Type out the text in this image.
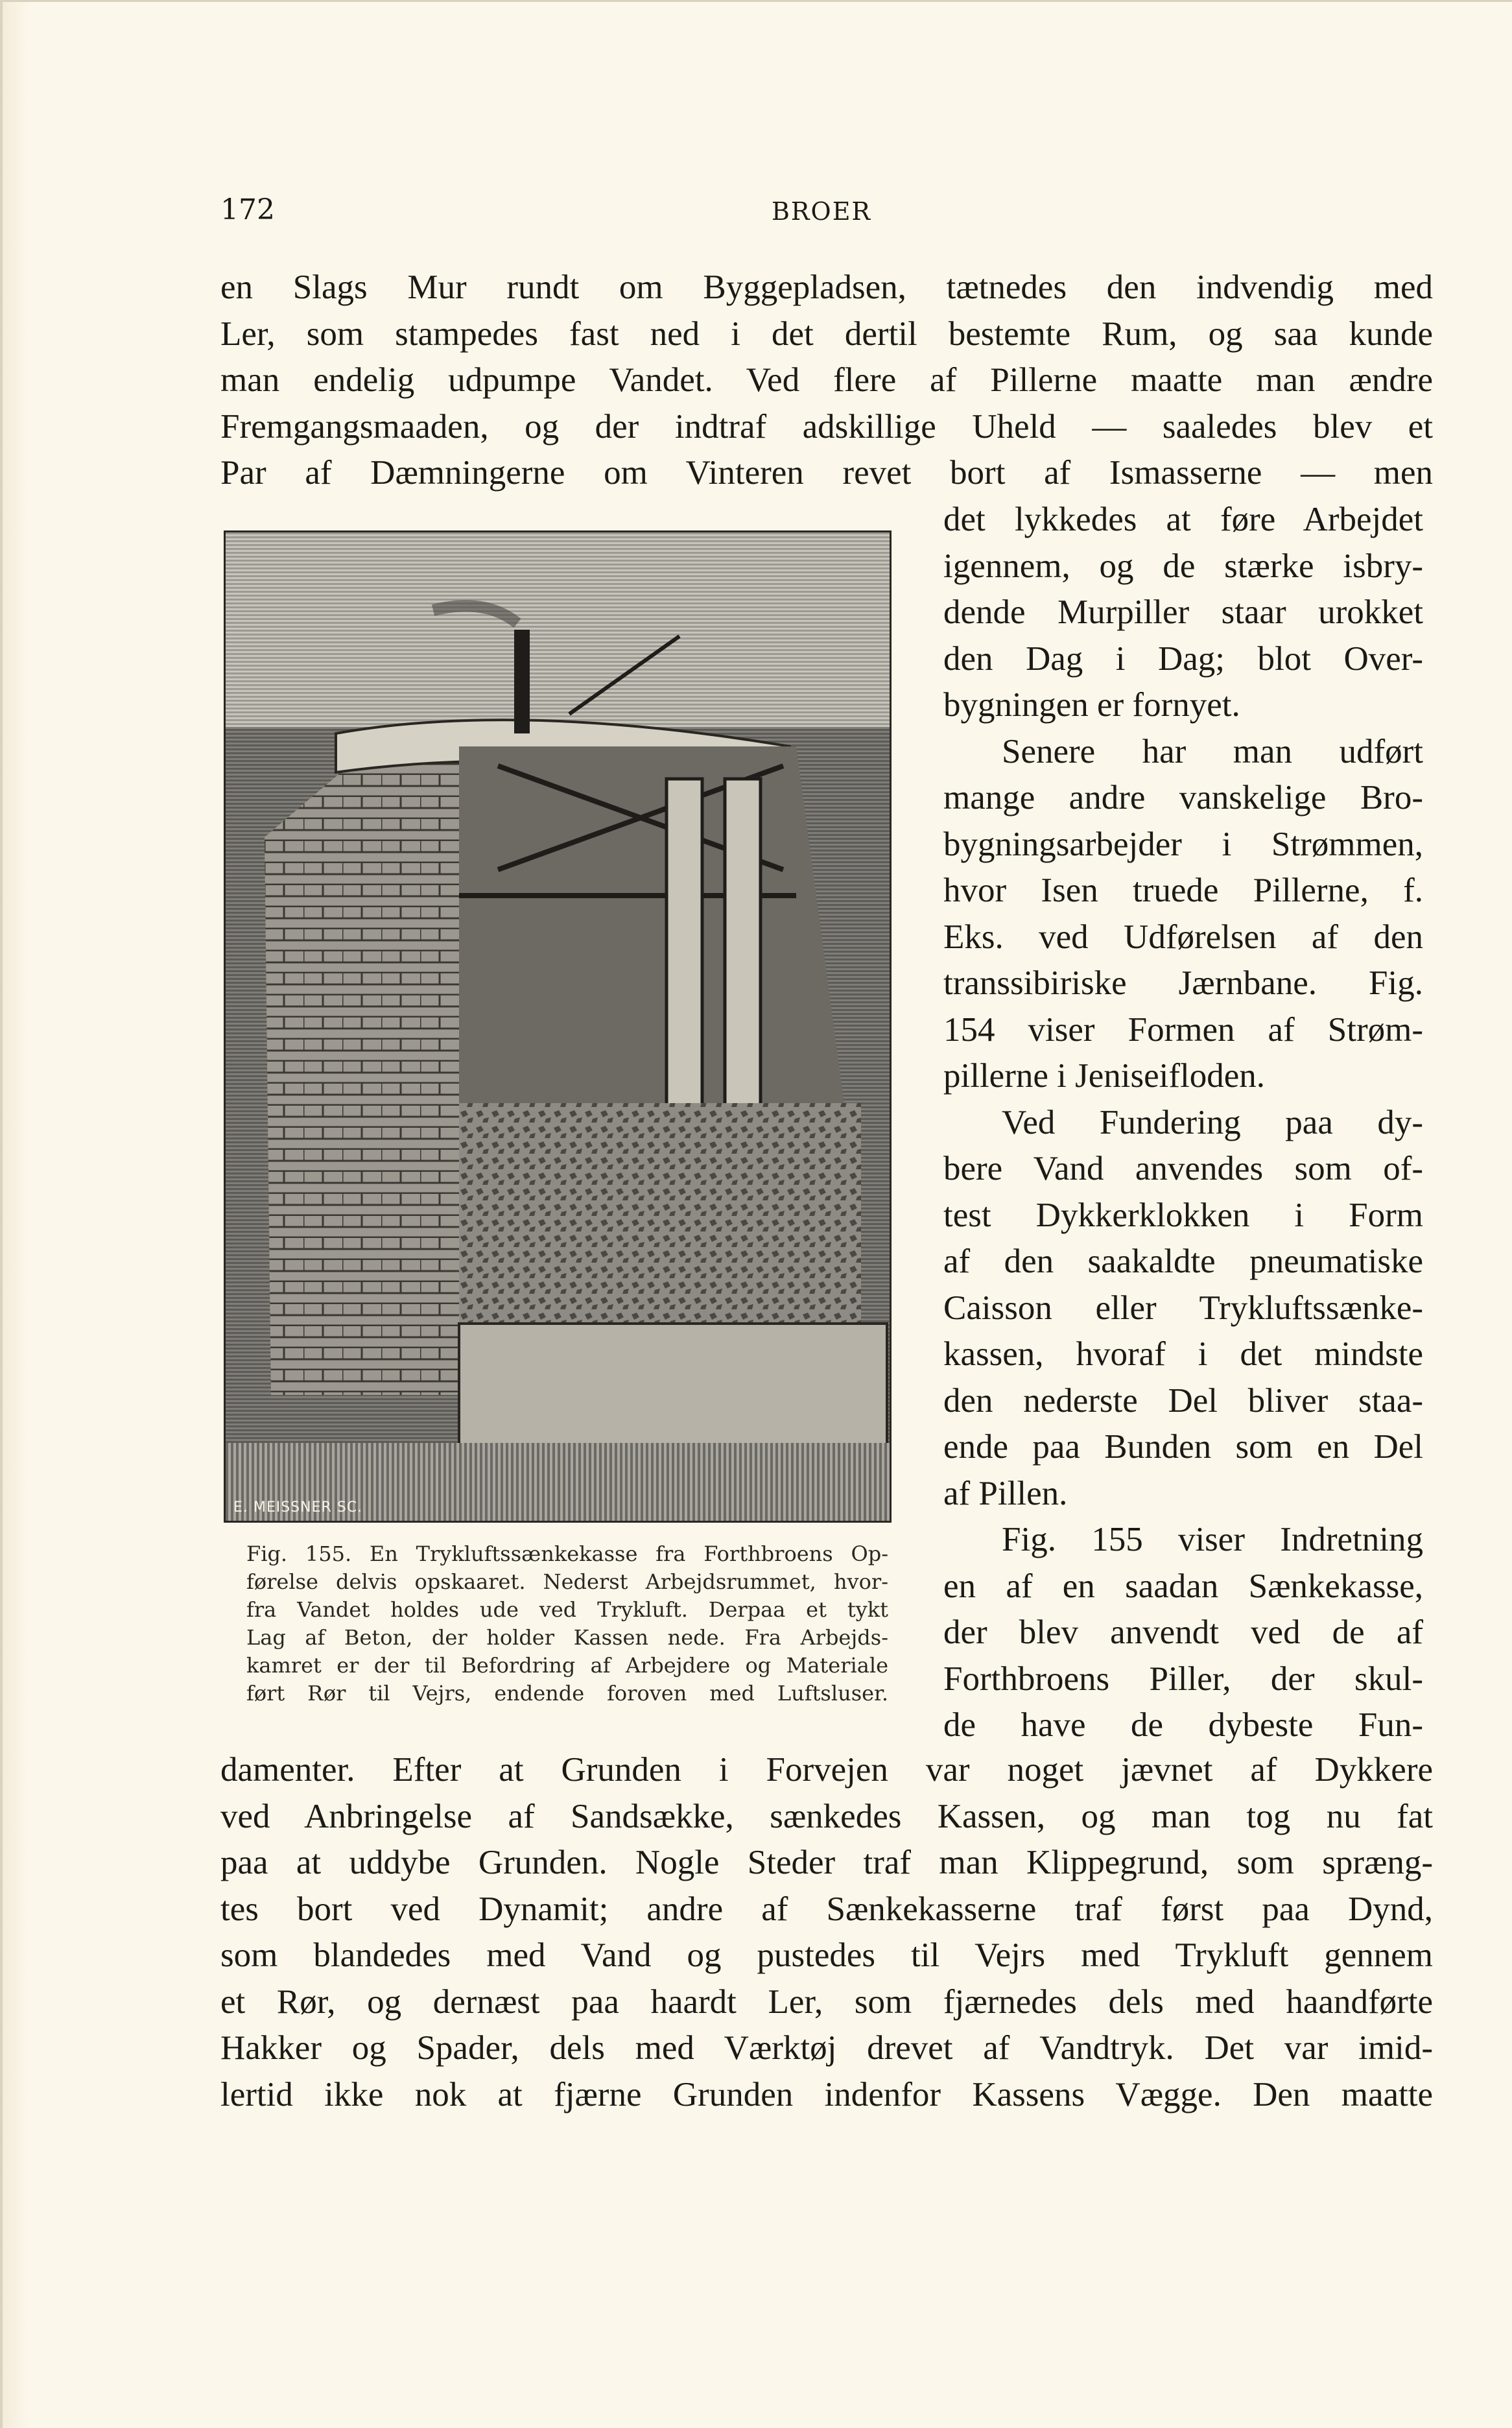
172	BROER
en Slags Mur rundt om Byggepladsen, tætnedes den indvendig med
Ler, som stampedes fast ned i det dertil bestemte Rum, og saa kunde
man endelig udpumpe Vandet. Ved flere af Pillerne maatte man ændre
Fremgangsmaaden, og der indtraf adskillige Uheld — saaledes blev et
Par af Dæmningerne om Vinteren revet bort af Ismasserne — men
det lykkedes at føre Arbejdet
igennem, og de stærke isbry-
dende Murpiller staar urokket
den Dag i Dag; blot Over-
bygningen er fornyet.
Senere har man udført
mange andre vanskelige Bro-
bygningsarbejder i Strømmen,
hvor Isen truede Pillerne, f.
Eks. ved Udførelsen af den
transsibiriske Jærnbane. Fig.
154 viser Formen af Strøm-
pillerne i Jeniseifloden.
Ved Fundering paa dy-
bere Vand anvendes som of-
test Dykkerklokken i Form
af den saakaldte pneumatiske
Caisson eller Trykluftssænke-
kassen, hvoraf i det mindste
den nederste Del bliver staa-
ende paa Bunden som en Del
af Pillen.
Fig. 155 viser Indretning
en af en saadan Sænkekasse,
der blev anvendt ved de af
Forthbroens Piller, der skul-
de have de dybeste Fun-
E. MEISSNER SC.
Fig. 155. En Trykluftssænkekasse fra Forthbroens Op-
førelse delvis opskaaret. Nederst Arbejdsrummet, hvor-
fra Vandet holdes ude ved Trykluft. Derpaa et tykt
Lag af Beton, der holder Kassen nede. Fra Arbejds-
kamret er der til Befordring af Arbejdere og Materiale
ført Rør til Vejrs, endende foroven med Luftsluser.
damenter. Efter at Grunden i Forvejen var noget jævnet af Dykkere
ved Anbringelse af Sandsække, sænkedes Kassen, og man tog nu fat
paa at uddybe Grunden. Nogle Steder traf man Klippegrund, som spræng-
tes bort ved Dynamit; andre af Sænkekasserne traf først paa Dynd,
som blandedes med Vand og pustedes til Vejrs med Trykluft gennem
et Rør, og dernæst paa haardt Ler, som fjærnedes dels med haandførte
Hakker og Spader, dels med Værktøj drevet af Vandtryk. Det var imid-
lertid ikke nok at fjærne Grunden indenfor Kassens Vægge. Den maatte
